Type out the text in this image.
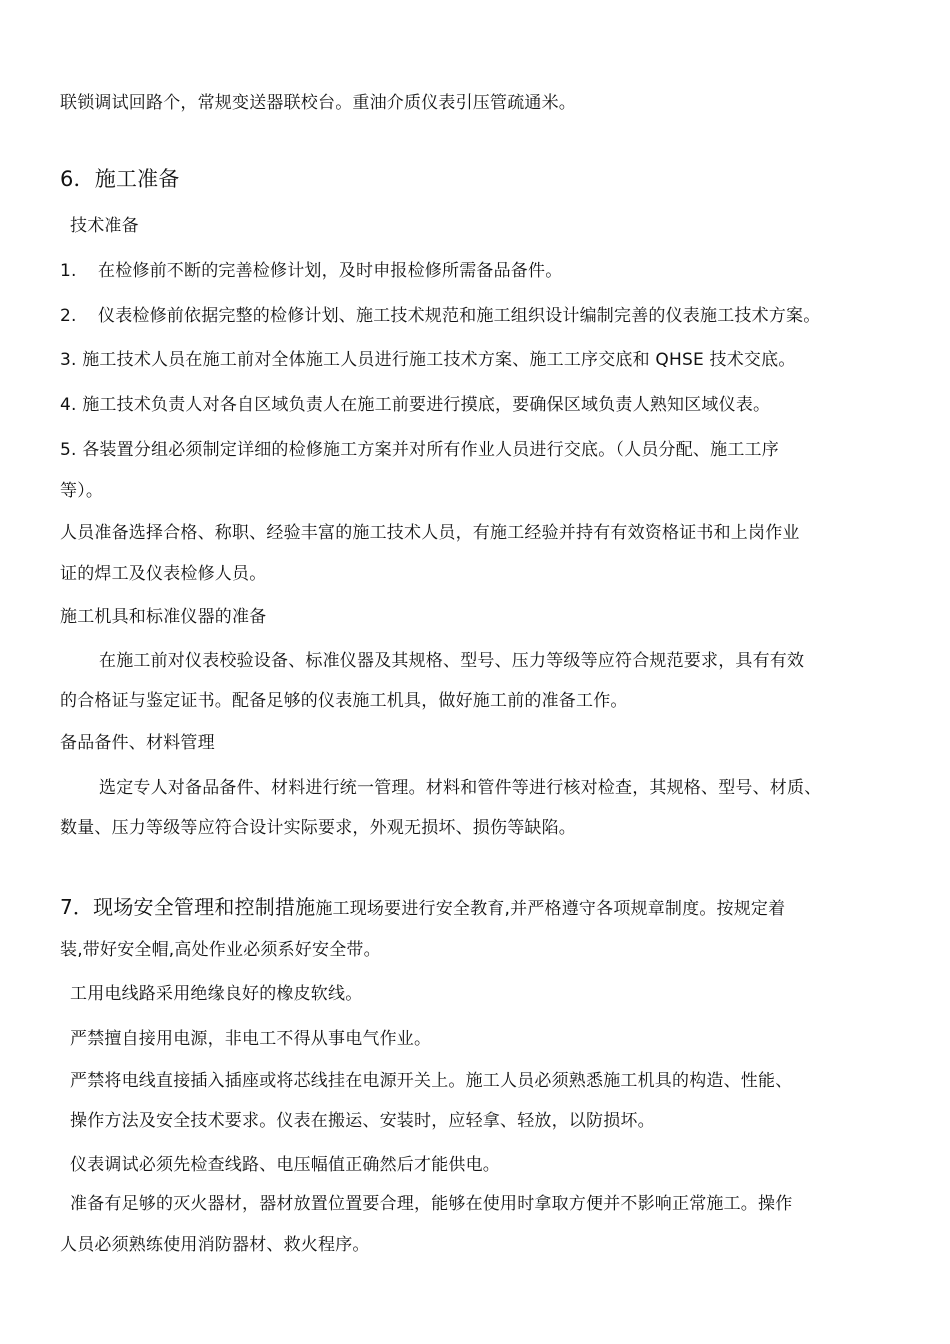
联锁调试回路个，常规变送器联校台。重油介质仪表引压管疏通米。
6．施工准备
技术准备
1. 在检修前不断的完善检修计划，及时申报检修所需备品备件。
2. 仪表检修前依据完整的检修计划、施工技术规范和施工组织设计编制完善的仪表施工技术方案。
3. 施工技术人员在施工前对全体施工人员进行施工技术方案、施工工序交底和 QHSE 技术交底。
4. 施工技术负责人对各自区域负责人在施工前要进行摸底，要确保区域负责人熟知区域仪表。
5. 各装置分组必须制定详细的检修施工方案并对所有作业人员进行交底。（人员分配、施工工序
等）。
人员准备选择合格、称职、经验丰富的施工技术人员，有施工经验并持有有效资格证书和上岗作业
证的焊工及仪表检修人员。
施工机具和标准仪器的准备
在施工前对仪表校验设备、标准仪器及其规格、型号、压力等级等应符合规范要求，具有有效
的合格证与鉴定证书。配备足够的仪表施工机具，做好施工前的准备工作。
备品备件、材料管理
选定专人对备品备件、材料进行统一管理。材料和管件等进行核对检查，其规格、型号、材质、
数量、压力等级等应符合设计实际要求，外观无损坏、损伤等缺陷。
7．现场安全管理和控制措施施工现场要进行安全教育,并严格遵守各项规章制度。按规定着
装,带好安全帽,高处作业必须系好安全带。
工用电线路采用绝缘良好的橡皮软线。
严禁擅自接用电源，非电工不得从事电气作业。
严禁将电线直接插入插座或将芯线挂在电源开关上。施工人员必须熟悉施工机具的构造、性能、
操作方法及安全技术要求。仪表在搬运、安装时，应轻拿、轻放，以防损坏。
仪表调试必须先检查线路、电压幅值正确然后才能供电。
准备有足够的灭火器材，器材放置位置要合理，能够在使用时拿取方便并不影响正常施工。操作
人员必须熟练使用消防器材、救火程序。
